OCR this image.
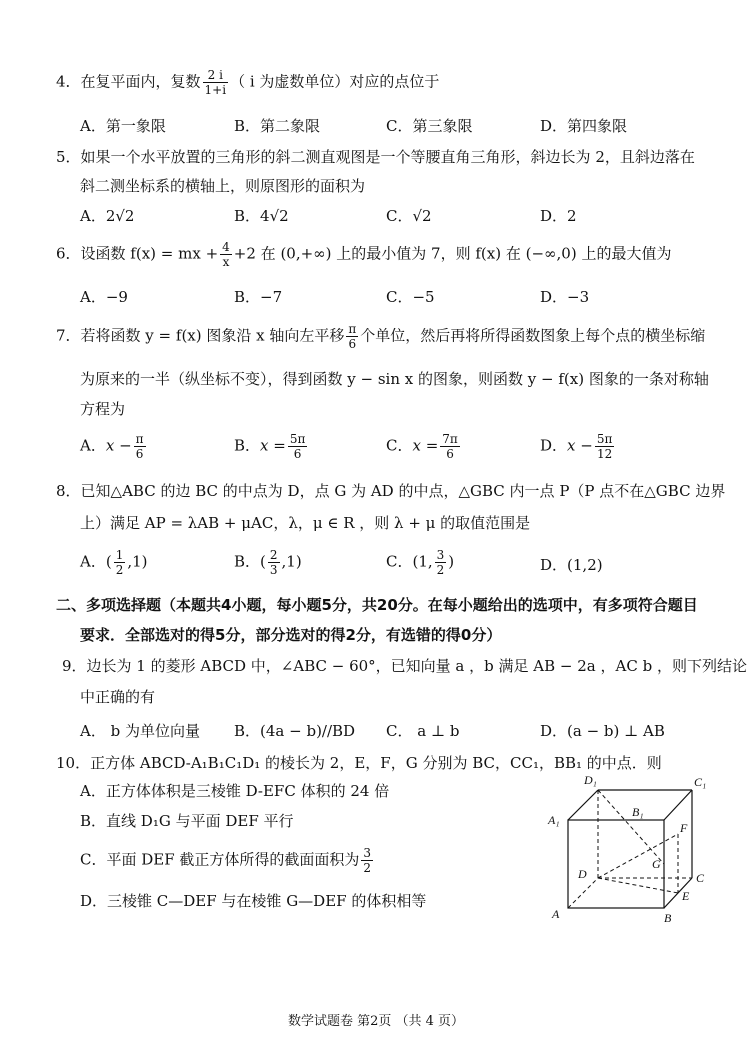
4．在复平面内，复数 $\frac{2 i}{1+i}$ （ i 为虚数单位）对应的点位于
A．第一象限	B．第二象限	C．第三象限	D．第四象限
5．如果一个水平放置的三角形的斜二测直观图是一个等腰直角三角形，斜边长为 2，且斜边落在
斜二测坐标系的横轴上，则原图形的面积为
A．2√2	B．4√2	C．√2	D．2
6．设函数 f(x) = mx + $\frac{4}{x} +2$ 在 (0,+∞) 上的最小值为 7，则 f(x) 在 (−∞,0) 上的最大值为
A．−9	B．−7	C．−5	D．−3
7．若将函数 y = f(x) 图象沿 x 轴向左平移 $\frac{\pi}{6}$ 个单位，然后再将所得函数图象上每个点的横坐标缩
为原来的一半（纵坐标不变），得到函数 y − sin x 的图象，则函数 y − f(x) 图象的一条对称轴
方程为
A．$x - \frac{\pi}{6}$	B．$x = \frac{5\pi}{6}$	C．$x = \frac{7\pi}{6}$	D．$x - \frac{5\pi}{12}$
8．已知△ABC 的边 BC 的中点为 D，点 G 为 AD 的中点，△GBC 内一点 P（P 点不在△GBC 边界
上）满足 AP = λAB + μAC，λ，μ ∈ R ，则 λ + μ 的取值范围是
A．( $\frac{1}{2} ,1$)	B．( $\frac{2}{3} ,1$)	C．(1, $\frac{3}{2}$ )	D．(1,2)
二、多项选择题（本题共4小题，每小题5分，共20分。在每小题给出的选项中，有多项符合题目
要求．全部选对的得5分，部分选对的得2分，有选错的得0分）
9．边长为 1 的菱形 ABCD 中，∠ABC − 60°，已知向量 a ，b 满足 AB − 2a ，AC b ，则下列结论
中正确的有
A． b 为单位向量 B．(4a − b)//BD C． a ⊥ b	D．(a − b) ⊥ AB
10．正方体 ABCD-A₁B₁C₁D₁ 的棱长为 2，E，F，G 分别为 BC，CC₁，BB₁ 的中点．则
A．正方体体积是三棱锥 D-EFC 体积的 24 倍
B．直线 D₁G 与平面 DEF 平行
C．平面 DEF 截正方体所得的截面面积为 $\frac{3}{2}$
D．三棱锥 C—DEF 与在棱锥 G—DEF 的体积相等
D₁	C₁
A₁
B₁
F
G
C
D
E
A	B
数学试题卷 第2页 （共 4 页）
